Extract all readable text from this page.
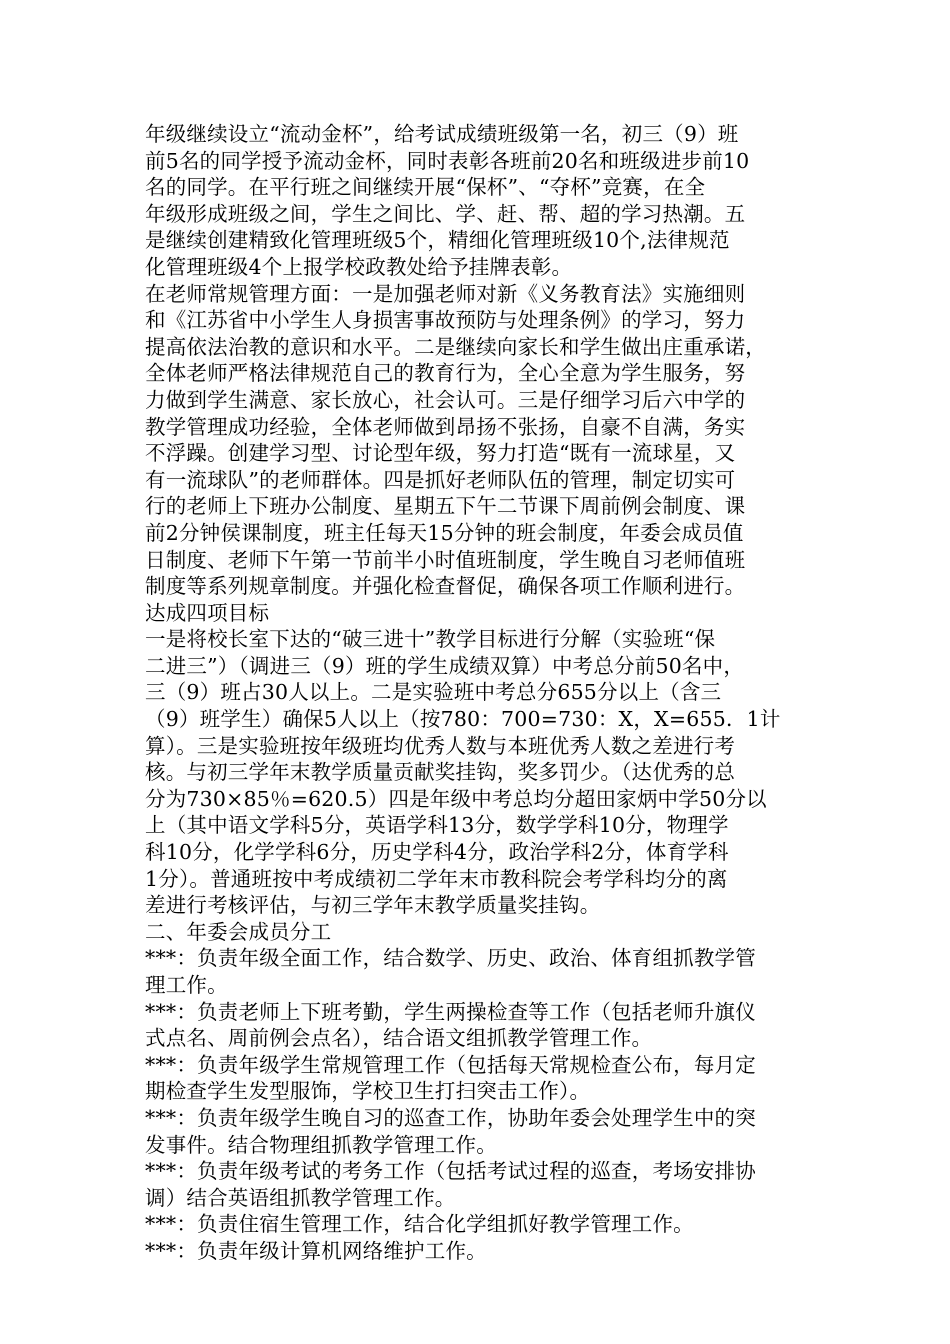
年级继续设立“流动金杯”，给考试成绩班级第一名，初三（9）班
前5名的同学授予流动金杯，同时表彰各班前20名和班级进步前10
名的同学。在平行班之间继续开展“保杯”、“夺杯”竞赛，在全
年级形成班级之间，学生之间比、学、赶、帮、超的学习热潮。五
是继续创建精致化管理班级5个，精细化管理班级10个,法律规范
化管理班级4个上报学校政教处给予挂牌表彰。
在老师常规管理方面：一是加强老师对新《义务教育法》实施细则
和《江苏省中小学生人身损害事故预防与处理条例》的学习，努力
提高依法治教的意识和水平。二是继续向家长和学生做出庄重承诺，
全体老师严格法律规范自己的教育行为，全心全意为学生服务，努
力做到学生满意、家长放心，社会认可。三是仔细学习后六中学的
教学管理成功经验，全体老师做到昂扬不张扬，自豪不自满，务实
不浮躁。创建学习型、讨论型年级，努力打造“既有一流球星，又
有一流球队”的老师群体。四是抓好老师队伍的管理，制定切实可
行的老师上下班办公制度、星期五下午二节课下周前例会制度、课
前2分钟侯课制度，班主任每天15分钟的班会制度，年委会成员值
日制度、老师下午第一节前半小时值班制度，学生晚自习老师值班
制度等系列规章制度。并强化检查督促，确保各项工作顺利进行。
达成四项目标
一是将校长室下达的“破三进十”教学目标进行分解（实验班“保
二进三”）（调进三（9）班的学生成绩双算）中考总分前50名中，
三（9）班占30人以上。二是实验班中考总分655分以上（含三
（9）班学生）确保5人以上（按780：700=730：X，X=655．1计
算）。三是实验班按年级班均优秀人数与本班优秀人数之差进行考
核。与初三学年末教学质量贡献奖挂钩，奖多罚少。（达优秀的总
分为730×85％=620.5）四是年级中考总均分超田家炳中学50分以
上（其中语文学科5分，英语学科13分，数学学科10分，物理学
科10分，化学学科6分，历史学科4分，政治学科2分，体育学科
1分）。普通班按中考成绩初二学年末市教科院会考学科均分的离
差进行考核评估，与初三学年末教学质量奖挂钩。
二、年委会成员分工
***：负责年级全面工作，结合数学、历史、政治、体育组抓教学管
理工作。
***：负责老师上下班考勤，学生两操检查等工作（包括老师升旗仪
式点名、周前例会点名），结合语文组抓教学管理工作。
***：负责年级学生常规管理工作（包括每天常规检查公布，每月定
期检查学生发型服饰，学校卫生打扫突击工作）。
***：负责年级学生晚自习的巡查工作，协助年委会处理学生中的突
发事件。结合物理组抓教学管理工作。
***：负责年级考试的考务工作（包括考试过程的巡查，考场安排协
调）结合英语组抓教学管理工作。
***：负责住宿生管理工作，结合化学组抓好教学管理工作。
***：负责年级计算机网络维护工作。
